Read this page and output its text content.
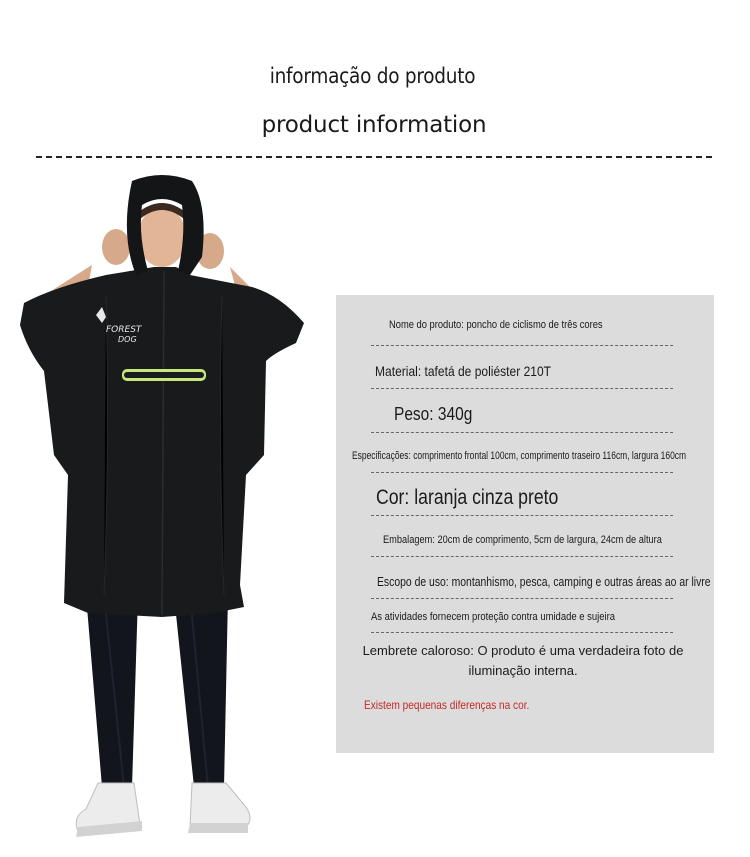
informação do produto
product information
FOREST
DOG
Nome do produto: poncho de ciclismo de três cores
Material: tafetá de poliéster 210T
Peso: 340g
Especificações: comprimento frontal 100cm, comprimento traseiro 116cm, largura 160cm
Cor: laranja cinza preto
Embalagem: 20cm de comprimento, 5cm de largura, 24cm de altura
Escopo de uso: montanhismo, pesca, camping e outras áreas ao ar livre
As atividades fornecem proteção contra umidade e sujeira
Lembrete caloroso: O produto é uma verdadeira foto de iluminação interna.
Existem pequenas diferenças na cor.
